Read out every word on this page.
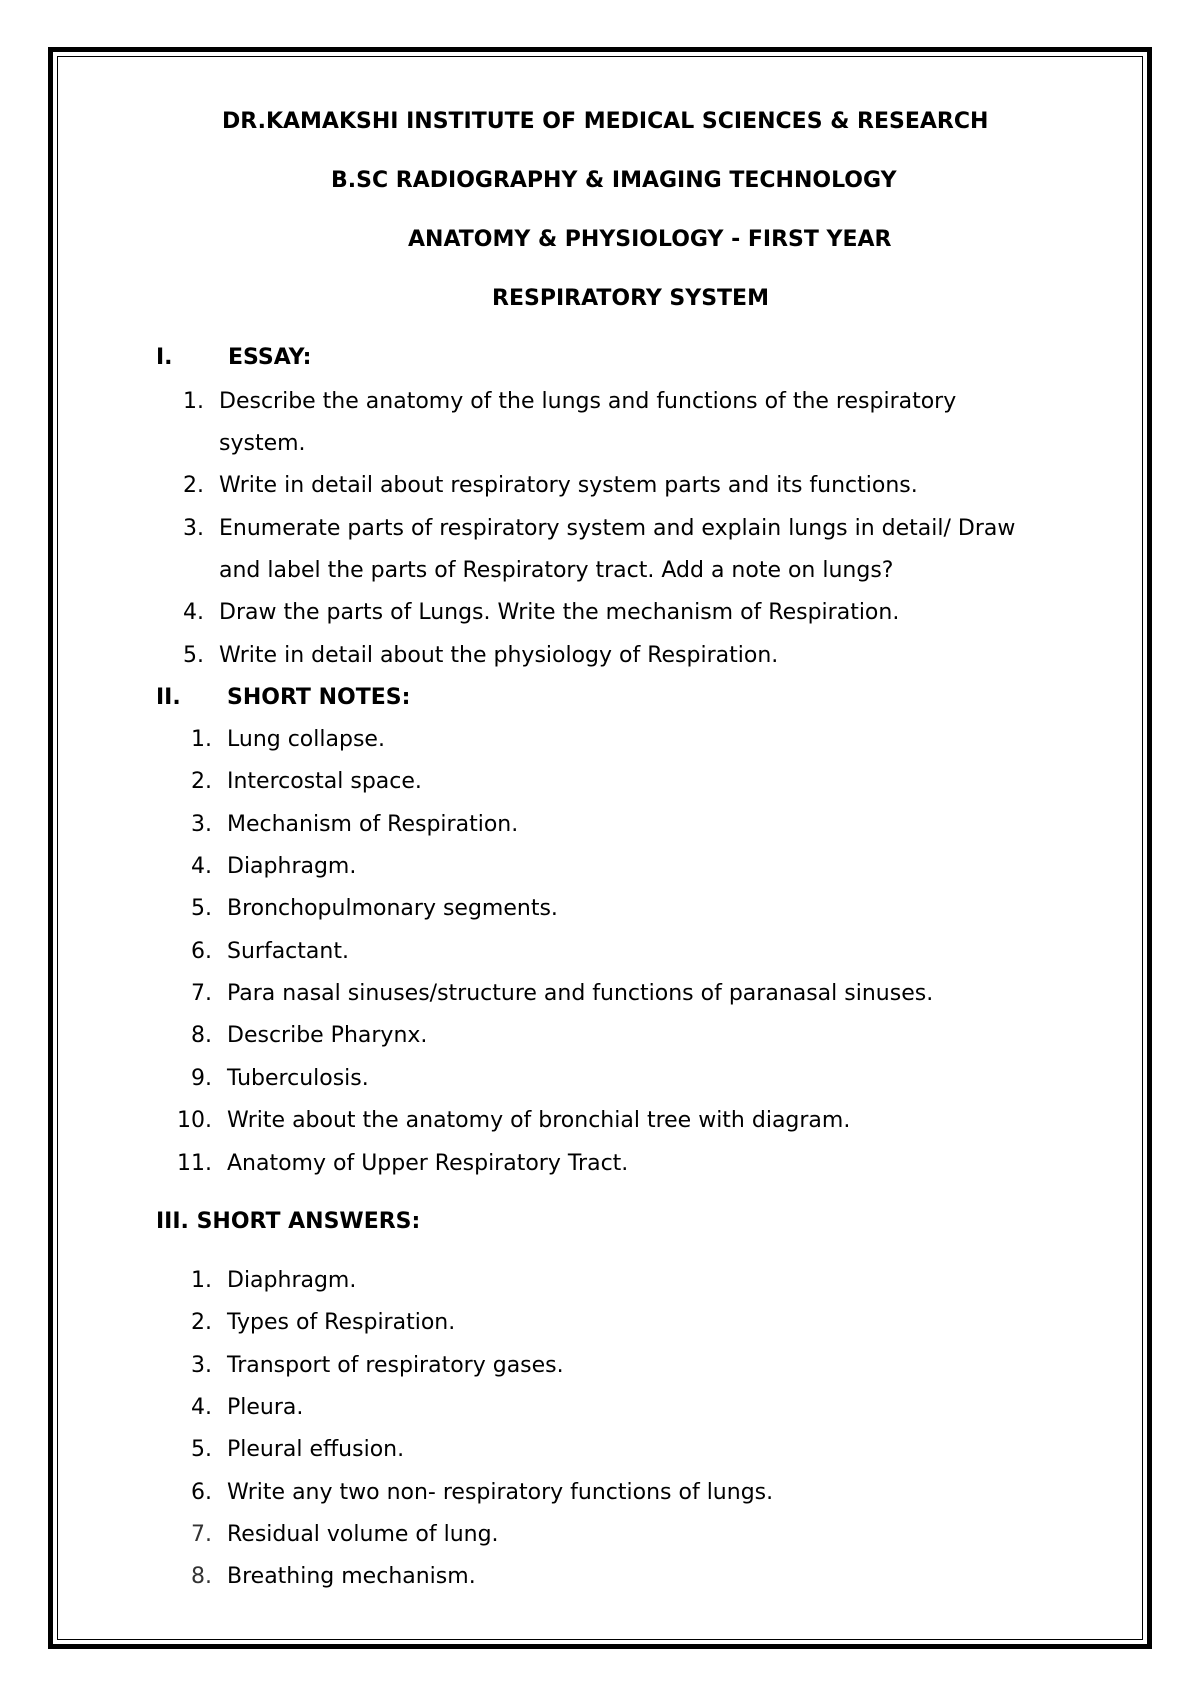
DR.KAMAKSHI INSTITUTE OF MEDICAL SCIENCES & RESEARCH
B.SC RADIOGRAPHY & IMAGING TECHNOLOGY
ANATOMY & PHYSIOLOGY - FIRST YEAR
RESPIRATORY SYSTEM
I.	ESSAY:
1. Describe the anatomy of the lungs and functions of the respiratory
system.
2. Write in detail about respiratory system parts and its functions.
3. Enumerate parts of respiratory system and explain lungs in detail/ Draw
and label the parts of Respiratory tract. Add a note on lungs?
4. Draw the parts of Lungs. Write the mechanism of Respiration.
5. Write in detail about the physiology of Respiration.
II. SHORT NOTES:
1. Lung collapse.
2. Intercostal space.
3. Mechanism of Respiration.
4. Diaphragm.
5. Bronchopulmonary segments.
6. Surfactant.
7. Para nasal sinuses/structure and functions of paranasal sinuses.
8. Describe Pharynx.
9. Tuberculosis.
10. Write about the anatomy of bronchial tree with diagram.
11. Anatomy of Upper Respiratory Tract.
III. SHORT ANSWERS:
1. Diaphragm.
2. Types of Respiration.
3. Transport of respiratory gases.
4. Pleura.
5. Pleural effusion.
6. Write any two non- respiratory functions of lungs.
7. Residual volume of lung.
8. Breathing mechanism.
